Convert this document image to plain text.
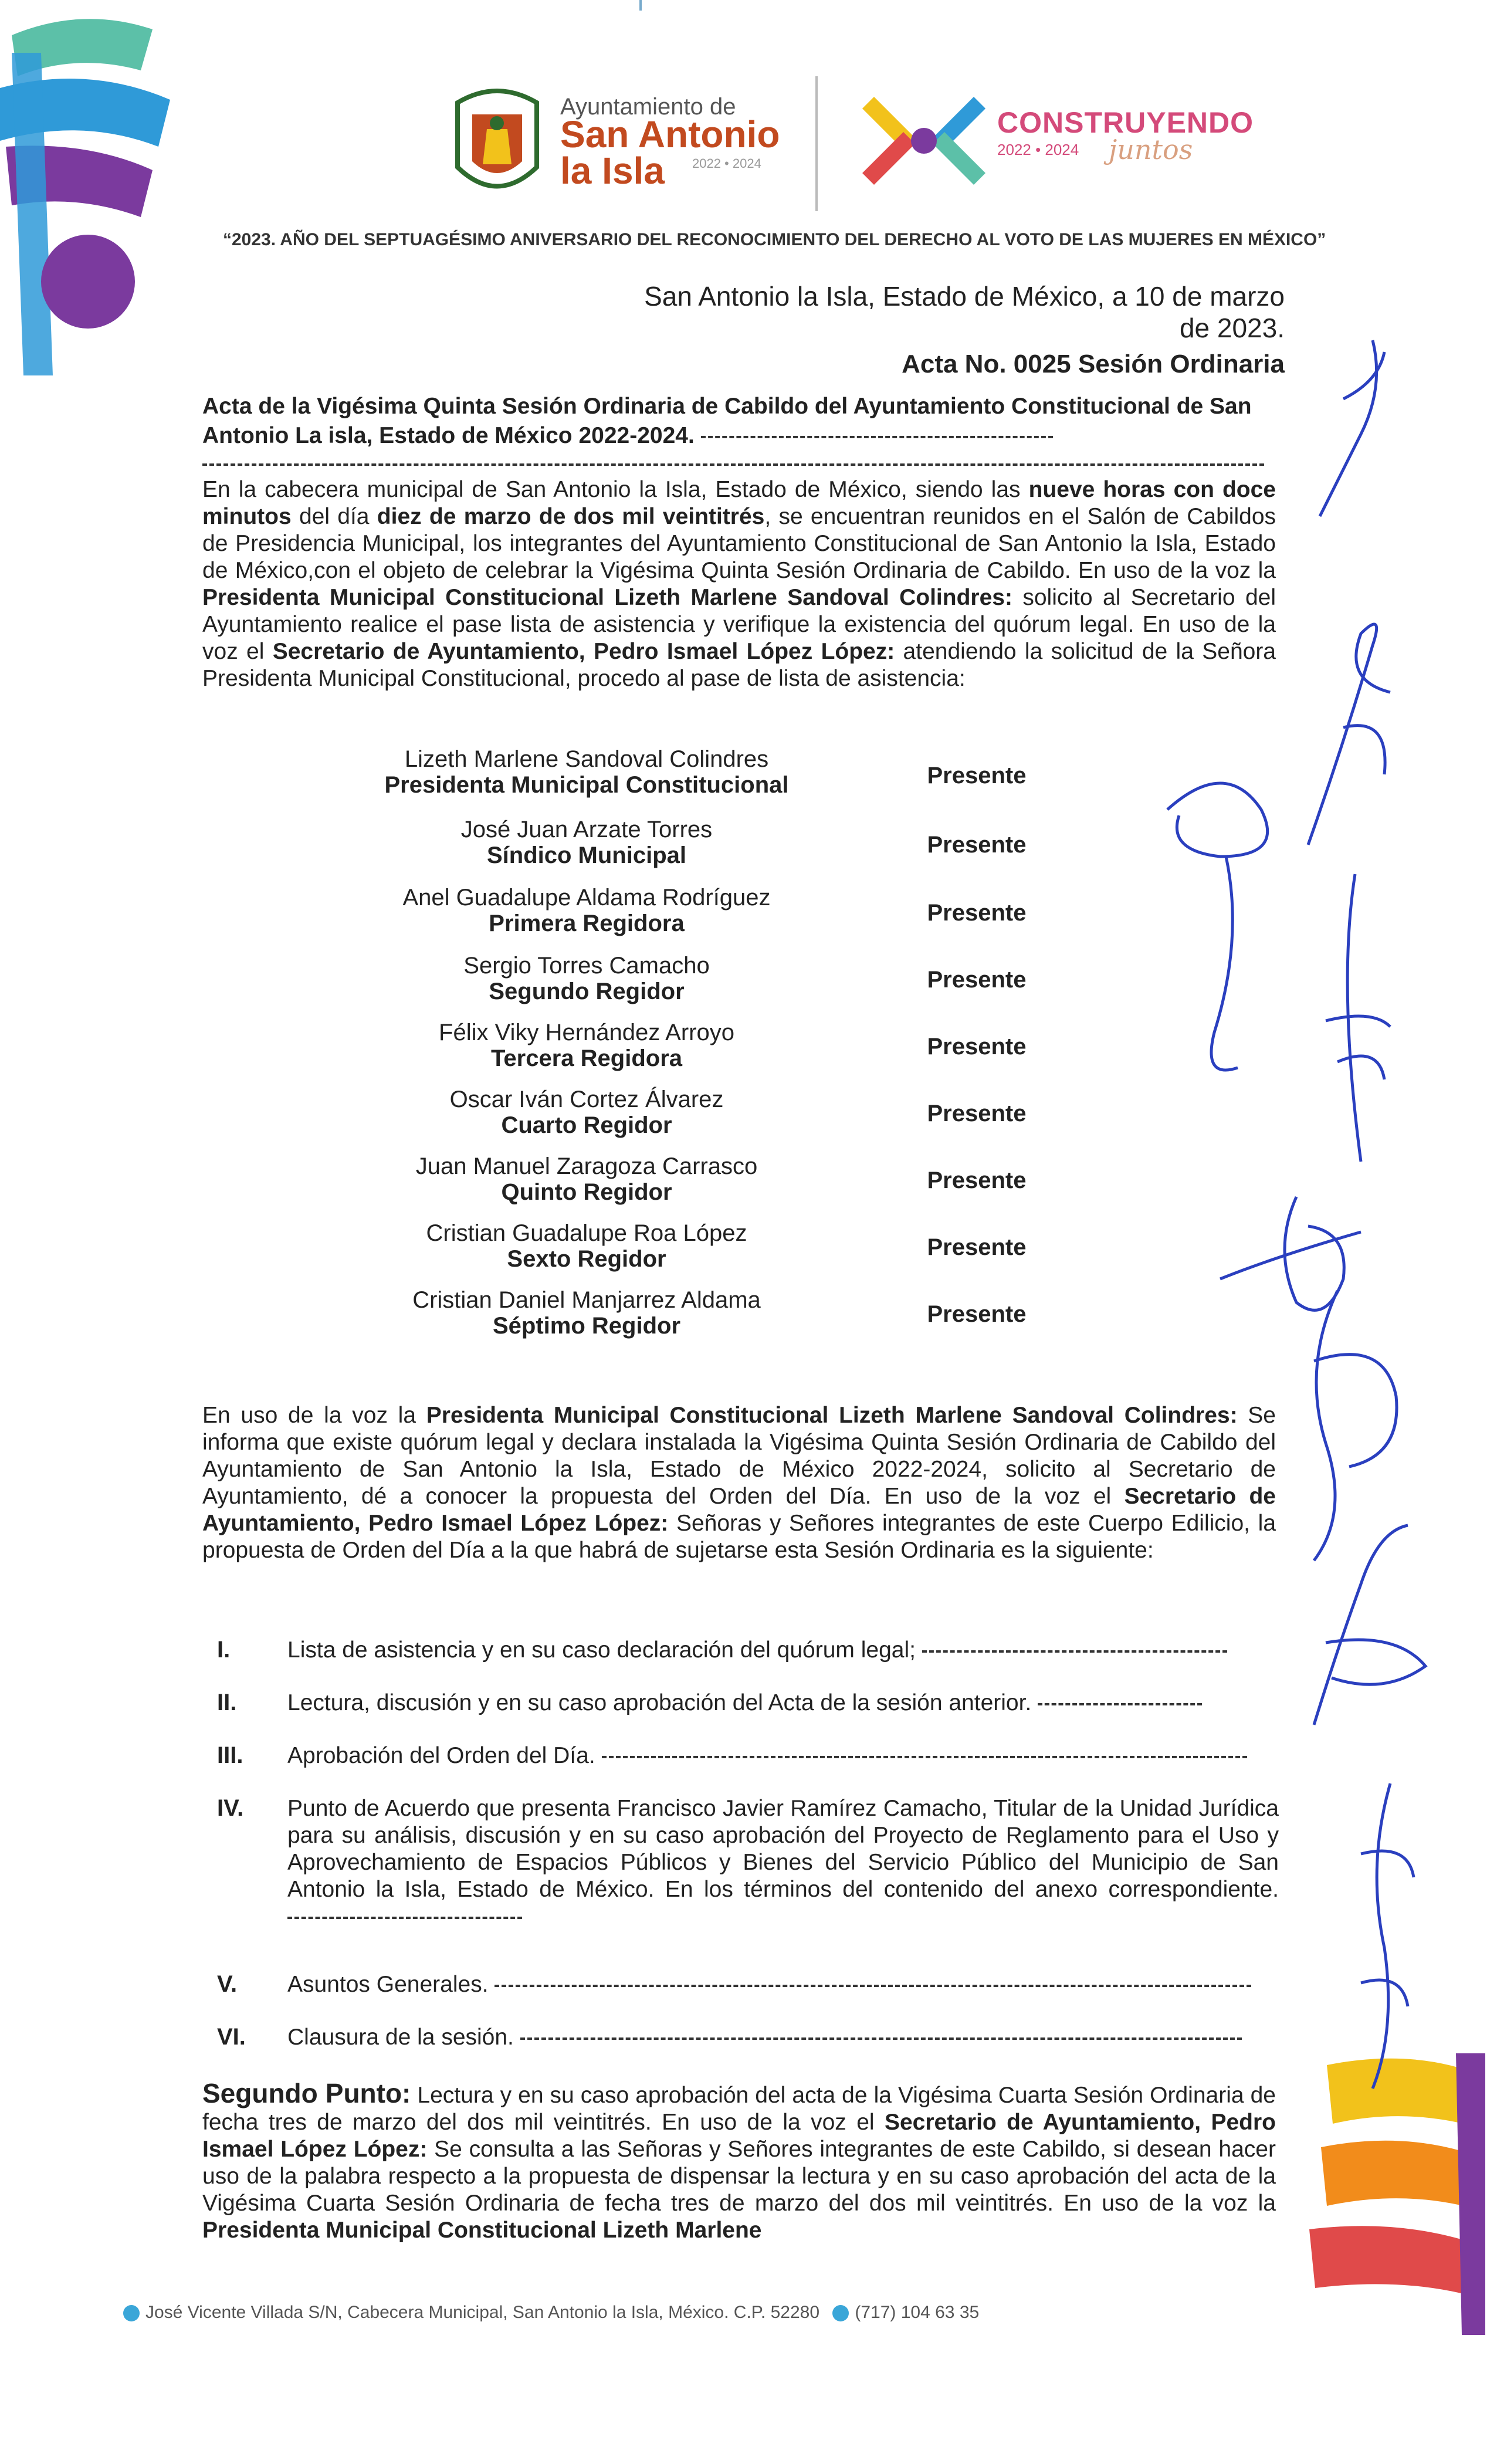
Ayuntamiento de
San Antonio
la Isla	2022 • 2024
CONSTRUYENDO
2022 • 2024 juntos
“2023. AÑO DEL SEPTUAGÉSIMO ANIVERSARIO DEL RECONOCIMIENTO DEL DERECHO AL VOTO DE LAS MUJERES EN MÉXICO”
San Antonio la Isla, Estado de México, a 10 de marzo de 2023.
Acta No. 0025 Sesión Ordinaria
Acta de la Vigésima Quinta Sesión Ordinaria de Cabildo del Ayuntamiento Constitucional de San Antonio La isla, Estado de México 2022-2024.
En la cabecera municipal de San Antonio la Isla, Estado de México, siendo las nueve horas con doce minutos del día diez de marzo de dos mil veintitrés, se encuentran reunidos en el Salón de Cabildos de Presidencia Municipal, los integrantes del Ayuntamiento Constitucional de San Antonio la Isla, Estado de México,con el objeto de celebrar la Vigésima Quinta Sesión Ordinaria de Cabildo. En uso de la voz la Presidenta Municipal Constitucional Lizeth Marlene Sandoval Colindres: solicito al Secretario del Ayuntamiento realice el pase lista de asistencia y verifique la existencia del quórum legal. En uso de la voz el Secretario de Ayuntamiento, Pedro Ismael López López: atendiendo la solicitud de la Señora Presidenta Municipal Constitucional, procedo al pase de lista de asistencia:
Lizeth Marlene Sandoval Colindres
Presidenta Municipal Constitucional	Presente
José Juan Arzate Torres
Síndico Municipal	Presente
Anel Guadalupe Aldama Rodríguez
Primera Regidora	Presente
Sergio Torres Camacho
Segundo Regidor	Presente
Félix Viky Hernández Arroyo
Tercera Regidora	Presente
Oscar Iván Cortez Álvarez
Cuarto Regidor	Presente
Juan Manuel Zaragoza Carrasco
Quinto Regidor	Presente
Cristian Guadalupe Roa López
Sexto Regidor	Presente
Cristian Daniel Manjarrez Aldama
Séptimo Regidor	Presente
En uso de la voz la Presidenta Municipal Constitucional Lizeth Marlene Sandoval Colindres: Se informa que existe quórum legal y declara instalada la Vigésima Quinta Sesión Ordinaria de Cabildo del Ayuntamiento de San Antonio la Isla, Estado de México 2022-2024, solicito al Secretario de Ayuntamiento, dé a conocer la propuesta del Orden del Día. En uso de la voz el Secretario de Ayuntamiento, Pedro Ismael López López: Señoras y Señores integrantes de este Cuerpo Edilicio, la propuesta de Orden del Día a la que habrá de sujetarse esta Sesión Ordinaria es la siguiente:
I.	Lista de asistencia y en su caso declaración del quórum legal;
II.	Lectura, discusión y en su caso aprobación del Acta de la sesión anterior.
III.	Aprobación del Orden del Día.
IV.	Punto de Acuerdo que presenta Francisco Javier Ramírez Camacho, Titular de la Unidad Jurídica para su análisis, discusión y en su caso aprobación del Proyecto de Reglamento para el Uso y Aprovechamiento de Espacios Públicos y Bienes del Servicio Público del Municipio de San Antonio la Isla, Estado de México. En los términos del contenido del anexo correspondiente.
V.	Asuntos Generales.
VI.	Clausura de la sesión.
Segundo Punto: Lectura y en su caso aprobación del acta de la Vigésima Cuarta Sesión Ordinaria de fecha tres de marzo del dos mil veintitrés. En uso de la voz el Secretario de Ayuntamiento, Pedro Ismael López López: Se consulta a las Señoras y Señores integrantes de este Cabildo, si desean hacer uso de la palabra respecto a la propuesta de dispensar la lectura y en su caso aprobación del acta de la Vigésima Cuarta Sesión Ordinaria de fecha tres de marzo del dos mil veintitrés. En uso de la voz la Presidenta Municipal Constitucional Lizeth Marlene
José Vicente Villada S/N, Cabecera Municipal, San Antonio la Isla, México. C.P. 52280 (717) 104 63 35
